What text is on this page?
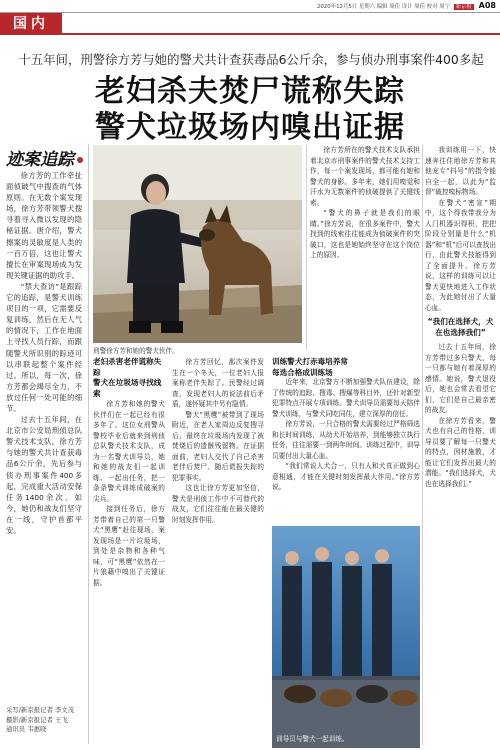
2020年12月5日 星期六 编辑 周佳 设计 周佳 校对 周宁 新京报 A08
国内
十五年间，刑警徐方芳与她的警犬共计查获毒品6公斤余，参与侦办刑事案件400多起
老妇杀夫焚尸谎称失踪
警犬垃圾场内嗅出证据
迹案追踪

徐方芳的工作牵扯面侦破气中搜查的气体原则。在无数个案发现场，徐方芳带领警犬搜寻着寻入微以发现的隐秘证据。唐介绍，警犬擦案的灵敏度是人类的一百万倍，这也让警犬擅长在审案现场成为发现关键证据的助攻手。

“禁大查访”是跟踪它的追踪，是警犬训练项目的一项，它需要反复训练，然后在无人气的情况下，工作在地面上寻找人员行踪，而跟随警犬所识别的踪迹可以串联起整个案件经过。所以，每一次，徐方芳都会竭尽全力，不放过任何一处可能的细节。

过去十五年间，在北京市公安局刑侦总队警犬技术支队，徐方芳与她的警犬共计查获毒品6公斤余，先后参与侦办刑事案件400多起，完成重大活动安保任务1400余次。如今，她仍和战友们坚守在一线，守护首都平安。

采写/新京报记者 李文茂
摄影/新京报记者 王飞
通讯员 韦惠晓
刑警徐方芳和她的警犬伙伴。
老妇杀害老伴谎称失踪
警犬在垃圾场寻找线索

徐方芳和她的警犬伙伴们在一起已经有很多年了。这位女刑警从警校毕业后就来到刑侦总队警犬技术支队，成为一名警犬训导员，她和她的战友们一起训练、一起出任务，把一条条警犬训练成破案的尖兵。

接到任务后，徐方芳带着自己的第一只警犬“黑鹰”赶往现场，案发现场是一片垃圾场，到处是杂物和各种气味，可“黑鹰”依然在一片狼藉中嗅出了关键证据。

徐方芳回忆，那次案件发生在一个冬天，一位老妇人报案称老伴失踪了。民警经过调查，发现老妇人的说法前后矛盾，遂怀疑其中另有隐情。

警犬“黑鹰”被带到了现场附近，在老人家周边反复搜寻后，最终在垃圾场内发现了被焚烧后的遗骸残留物。在证据面前，老妇人交代了自己杀害老伴后焚尸、随后谎报失踪的犯罪事实。

这也让徐方芳更加坚信，警犬是刑侦工作中不可替代的战友，它们往往能在最关键的时刻发挥作用。

训练警犬打赤毒培养常
每选合格成训练场

近年来，北京警方不断加强警犬队伍建设，除了传统的追踪、搜毒、搜爆等科目外，还针对新型犯罪特点开展专项训练。警犬训导员需要每天陪伴警犬训练，与警犬同吃同住，建立深厚的信任。

徐方芳说，一只合格的警犬需要经过严格筛选和长时间训练，从幼犬开始培养，到能够独立执行任务，往往需要一到两年时间。训练过程中，训导员要付出大量心血。

“我们常说人犬合一，只有人和犬真正做到心意相通，才能在关键时刻发挥最大作用。”徐方芳说。

训导员与警犬一起训练。

徐方芳所在的警犬技术支队承担着北京市刑事案件的警犬技术支持工作，每一个案发现场，都可能有她和警犬的身影。多年来，她们用嗅觉和汗水为无数案件的侦破提供了关键线索。

“警犬的鼻子就是我们的眼睛。”徐方芳说，在很多案件中，警犬找到的线索往往能成为侦破案件的突破口，这也是她始终坚守在这个岗位上的原因。

我训练用一下，快速奔往住地徐方芳和其他宠专“抖号”的指令能自全一起，以此为“监督”破控嗅标物场。

在警犬“密宣”期中，这个得我带我分为人门机器识得积，把把阶段分别量是什么“机器”和“机”后可以查找出行，由此警犬技能得到了全面提升。徐方芳说，这样的训练可以让警犬更快地进入工作状态，为此她付出了大量心血。

“我们在选择犬，犬在也选择我们”

过去十五年间，徐方芳带过多只警犬，每一只都与她有着深厚的感情。她说，警犬退役后，她也会常去看望它们，它们是自己最亲密的战友。

在徐方芳看来，警犬也有自己的性格，训导员要了解每一只警犬的特点，因材施教，才能让它们发挥出最大的潜能。“我们选择犬，犬也在选择我们。”
